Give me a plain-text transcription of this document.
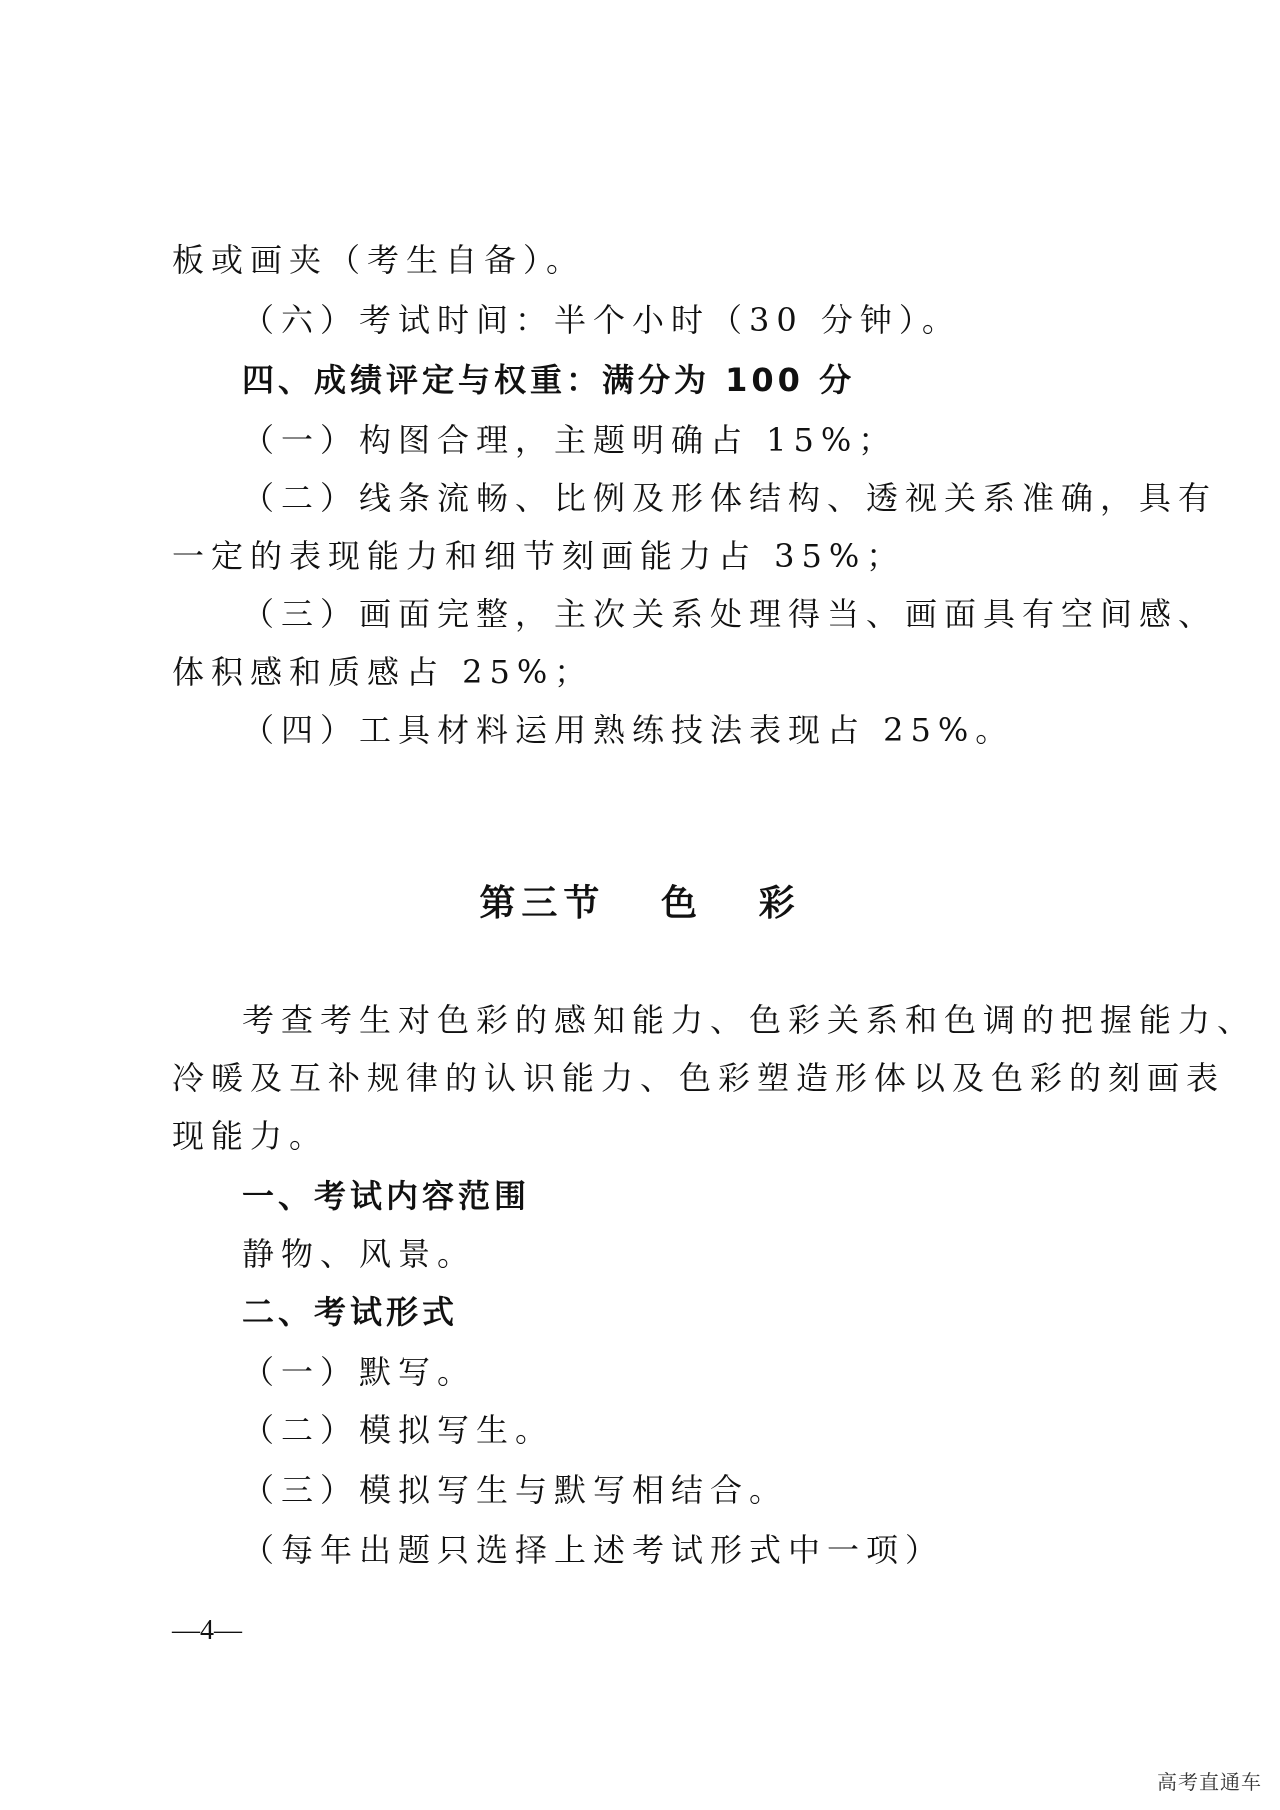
板或画夹（考生自备）。
（六）考试时间：半个小时（30 分钟）。
四、成绩评定与权重：满分为 100 分
（一）构图合理，主题明确占 15%；
（二）线条流畅、比例及形体结构、透视关系准确，具有
一定的表现能力和细节刻画能力占 35%；
（三）画面完整，主次关系处理得当、画面具有空间感、
体积感和质感占 25%；
（四）工具材料运用熟练技法表现占 25%。
第三节   色   彩
考查考生对色彩的感知能力、色彩关系和色调的把握能力、
冷暖及互补规律的认识能力、色彩塑造形体以及色彩的刻画表
现能力。
一、考试内容范围
静物、风景。
二、考试形式
（一）默写。
（二）模拟写生。
（三）模拟写生与默写相结合。
（每年出题只选择上述考试形式中一项）
—4—
高考直通车
